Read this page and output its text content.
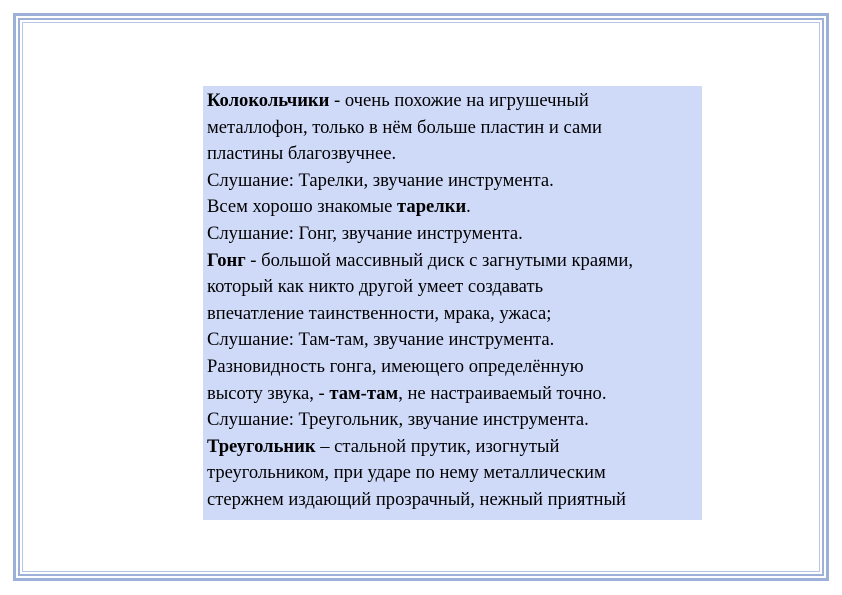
Колокольчики - очень похожие на игрушечный
металлофон, только в нём больше пластин и сами
пластины благозвучнее.
Слушание: Тарелки, звучание инструмента.
Всем хорошо знакомые тарелки.
Слушание: Гонг, звучание инструмента.
Гонг - большой массивный диск с загнутыми краями,
который как никто другой умеет создавать
впечатление таинственности, мрака, ужаса;
Слушание: Там-там, звучание инструмента.
Разновидность гонга, имеющего определённую
высоту звука, - там-там, не настраиваемый точно.
Слушание: Треугольник, звучание инструмента.
Треугольник – стальной прутик, изогнутый
треугольником, при ударе по нему металлическим
стержнем издающий прозрачный, нежный приятный
